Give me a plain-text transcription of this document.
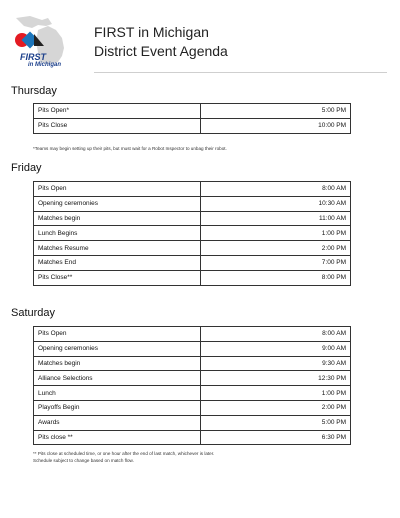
FIRST
in Michigan
FIRST in Michigan
District Event Agenda
Thursday
Pits Open*	5:00 PM
Pits Close	10:00 PM
*Teams may begin setting up their pits, but must wait for a Robot Inspector to unbag their robot.
Friday
Pits Open	8:00 AM
Opening ceremonies	10:30 AM
Matches begin	11:00 AM
Lunch Begins	1:00 PM
Matches Resume	2:00 PM
Matches End	7:00 PM
Pits Close**	8:00 PM
Saturday
Pits Open	8:00 AM
Opening ceremonies	9:00 AM
Matches begin	9:30 AM
Alliance Selections	12:30 PM
Lunch	1:00 PM
Playoffs Begin	2:00 PM
Awards	5:00 PM
Pits close **	6:30 PM
** Pits close at scheduled time, or one hour after the end of last match, whichever is later.
Schedule subject to change based on match flow.
